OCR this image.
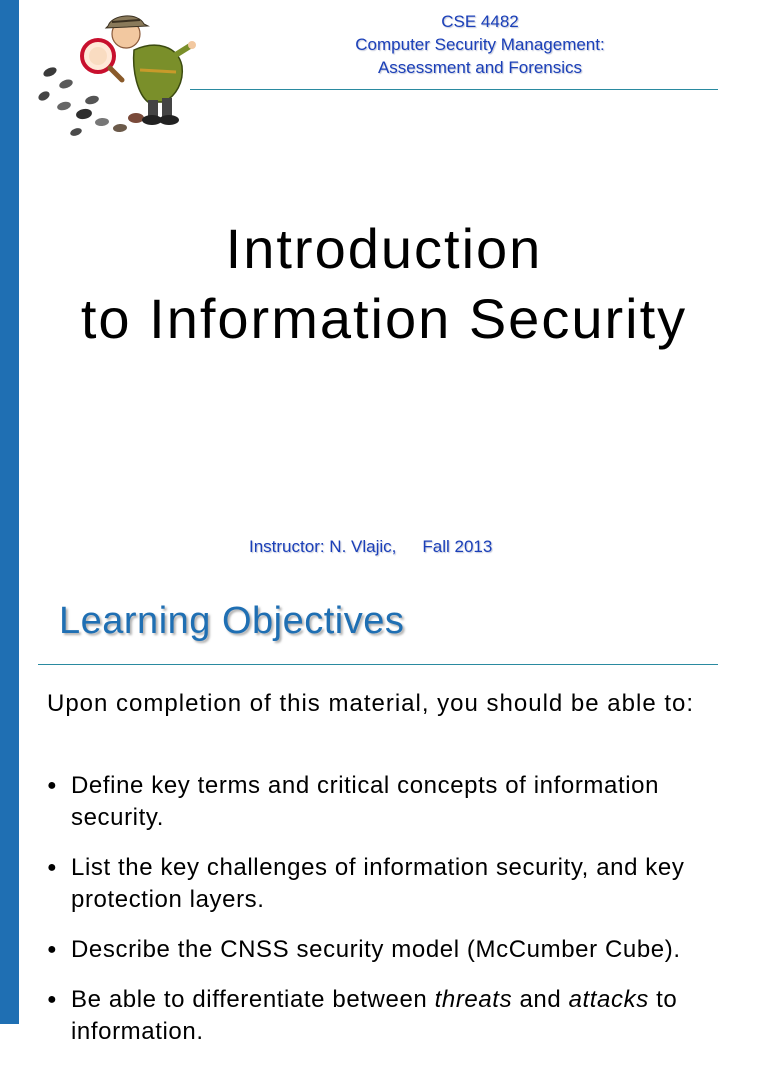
CSE 4482
Computer Security Management:
Assessment and Forensics
Introduction
to Information Security
Instructor: N. Vlajic, Fall 2013
Learning Objectives
Upon completion of this material, you should be able to:
● Define key terms and critical concepts of information security.
● List the key challenges of information security, and key protection layers.
● Describe the CNSS security model (McCumber Cube).
● Be able to differentiate between threats and attacks to information.
